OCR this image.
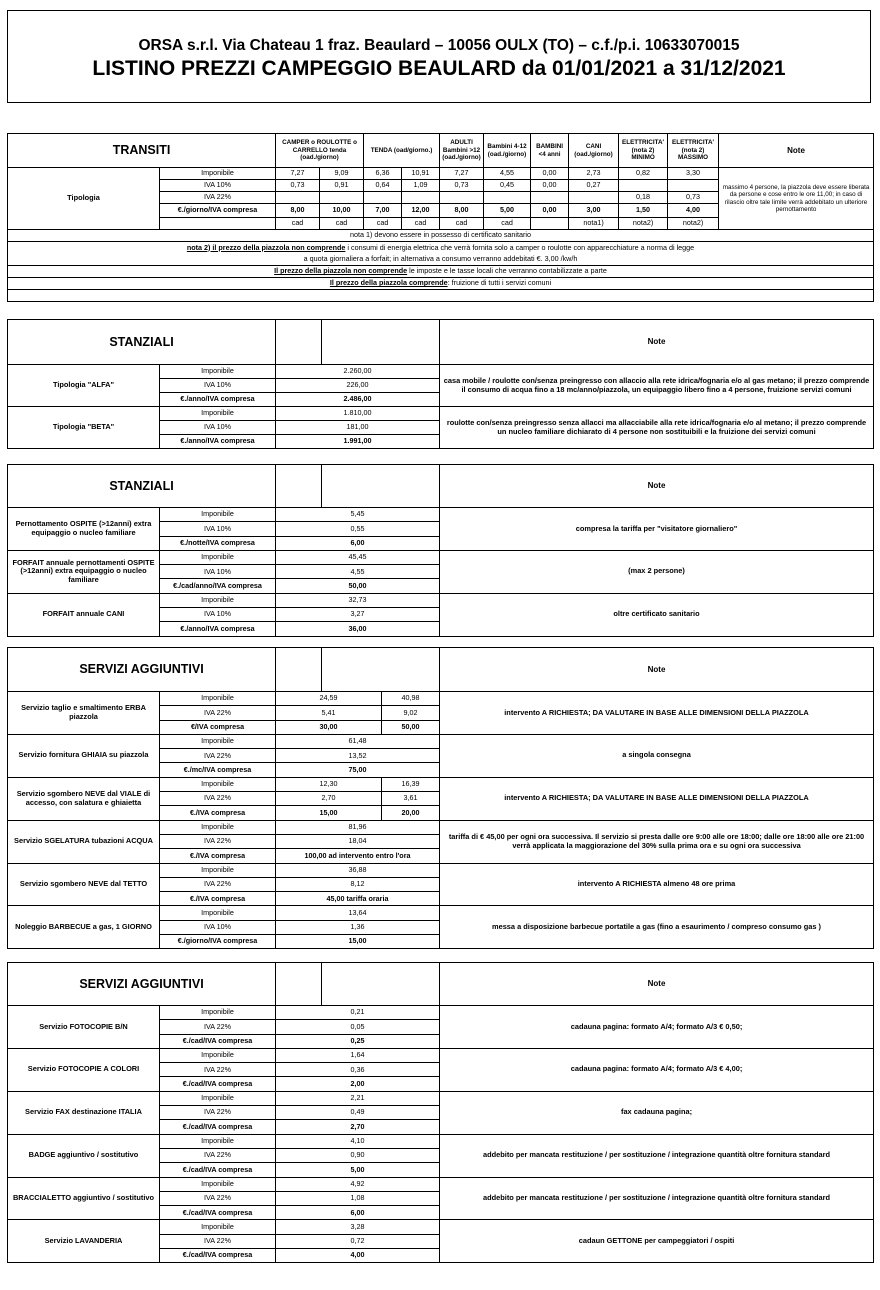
ORSA s.r.l. Via Chateau 1 fraz. Beaulard – 10056 OULX (TO) – c.f./p.i. 10633070015
LISTINO PREZZI CAMPEGGIO BEAULARD da 01/01/2021 a 31/12/2021
TRANSITI		CAMPER o ROULOTTE o CARRELLO tenda (oad./giorno)		TENDA (oad/giorno.)		ADULTI Bambini >12 (oad./giorno)	Bambini 4-12 (oad./giorno)	BAMBINI <4 anni	CANI (oad./giorno)	ELETTRICITA' (nota 2) MINIMO	ELETTRICITA' (nota 2) MASSIMO	Note
Tipologia	Imponibile	7,27	9,09	6,36	10,91	7,27	4,55	0,00	2,73	0,82	3,30	massimo 4 persone, la piazzola deve essere liberata da persone e cose entro le ore 11,00; in caso di rilascio oltre tale limite verrà addebitato un ulteriore pernottamento
	IVA 10%	0,73	0,91	0,64	1,09	0,73	0,45	0,00	0,27			
	IVA 22%									0,18	0,73	
	€./giorno/IVA compresa	8,00	10,00	7,00	12,00	8,00	5,00	0,00	3,00	1,50	4,00	
		cad	cad	cad	cad	cad	cad		nota1)	nota2)	nota2)	
nota 1) devono essere in possesso di certificato sanitario												
nota 2) il prezzo della piazzola non comprende i consumi di energia elettrica che verrà fornita solo a camper o roulotte con apparecchiature a norma di legge												
a quota giornaliera a forfait; in alternativa a consumo verranno addebitati €. 3,00 /kw/h												
Il prezzo della piazzola non comprende le imposte e le tasse locali che verranno contabilizzate a parte												
Il prezzo della piazzola comprende: fruizione di tutti i servizi comuni												

STANZIALI				Note
Tipologia "ALFA"	Imponibile	2.260,00		casa mobile / roulotte con/senza preingresso con allaccio alla rete idrica/fognaria e/o al gas metano; il prezzo comprende il consumo di acqua fino a 18 mc/anno/piazzola, un equipaggio libero fino a 4 persone, fruizione servizi comuni
	IVA 10%	226,00		
	€./anno/IVA compresa	2.486,00		
Tipologia "BETA"	Imponibile	1.810,00		roulotte con/senza preingresso senza allacci ma allacciabile alla rete idrica/fognaria e/o al metano; il prezzo comprende un nucleo familiare dichiarato di 4 persone non sostituibili e la fruizione dei servizi comuni
	IVA 10%	181,00		
	€./anno/IVA compresa	1.991,00		
STANZIALI				Note
Pernottamento OSPITE (>12anni) extra equipaggio o nucleo familiare	Imponibile	5,45		compresa la tariffa per "visitatore giornaliero"
	IVA 10%	0,55		
	€./notte/IVA compresa	6,00		
FORFAIT annuale pernottamenti OSPITE (>12anni) extra equipaggio o nucleo familiare	Imponibile	45,45		(max 2 persone)
	IVA 10%	4,55		
	€./cad/anno/IVA compresa	50,00		
FORFAIT annuale CANI	Imponibile	32,73		oltre certificato sanitario
	IVA 10%	3,27		
	€./anno/IVA compresa	36,00		
SERVIZI AGGIUNTIVI					Note
Servizio taglio e smaltimento ERBA piazzola	Imponibile	24,59		40,98	intervento A RICHIESTA; DA VALUTARE IN BASE ALLE DIMENSIONI DELLA PIAZZOLA
	IVA 22%	5,41		9,02	
	€/IVA compresa	30,00		50,00	
Servizio fornitura GHIAIA su piazzola	Imponibile	61,48			a singola consegna
	IVA 22%	13,52			
	€./mc/IVA compresa	75,00			
Servizio sgombero NEVE dal VIALE di accesso, con salatura e ghiaietta	Imponibile	12,30		16,39	intervento A RICHIESTA; DA VALUTARE IN BASE ALLE DIMENSIONI DELLA PIAZZOLA
	IVA 22%	2,70		3,61	
	€./IVA compresa	15,00		20,00	
Servizio SGELATURA tubazioni ACQUA	Imponibile	81,96			tariffa di € 45,00 per ogni ora successiva. Il servizio si presta dalle ore 9:00 alle ore 18:00; dalle ore 18:00 alle ore 21:00 verrà applicata la maggiorazione del 30% sulla prima ora e su ogni ora successiva
	IVA 22%	18,04			
	€./IVA compresa	100,00 ad intervento entro l'ora			
Servizio sgombero NEVE dal TETTO	Imponibile	36,88			intervento A RICHIESTA almeno 48 ore prima
	IVA 22%	8,12			
	€./IVA compresa	45,00 tariffa oraria			
Noleggio BARBECUE a gas, 1 GIORNO	Imponibile	13,64			messa a disposizione barbecue portatile a gas (fino a esaurimento / compreso consumo gas )
	IVA 10%	1,36			
	€./giorno/IVA compresa	15,00			
SERVIZI AGGIUNTIVI				Note
Servizio FOTOCOPIE B/N	Imponibile	0,21		cadauna pagina: formato A/4; formato A/3 € 0,50;
	IVA 22%	0,05		
	€./cad/IVA compresa	0,25		
Servizio FOTOCOPIE A COLORI	Imponibile	1,64		cadauna pagina: formato A/4; formato A/3 € 4,00;
	IVA 22%	0,36		
	€./cad/IVA compresa	2,00		
Servizio FAX destinazione ITALIA	Imponibile	2,21		fax cadauna pagina;
	IVA 22%	0,49		
	€./cad/IVA compresa	2,70		
BADGE aggiuntivo / sostitutivo	Imponibile	4,10		addebito per mancata restituzione / per sostituzione / integrazione quantità oltre fornitura standard
	IVA 22%	0,90		
	€./cad/IVA compresa	5,00		
BRACCIALETTO aggiuntivo / sostitutivo	Imponibile	4,92		addebito per mancata restituzione / per sostituzione / integrazione quantità oltre fornitura standard
	IVA 22%	1,08		
	€./cad/IVA compresa	6,00		
Servizio LAVANDERIA	Imponibile	3,28		cadaun GETTONE per campeggiatori / ospiti
	IVA 22%	0,72		
	€./cad/IVA compresa	4,00		
